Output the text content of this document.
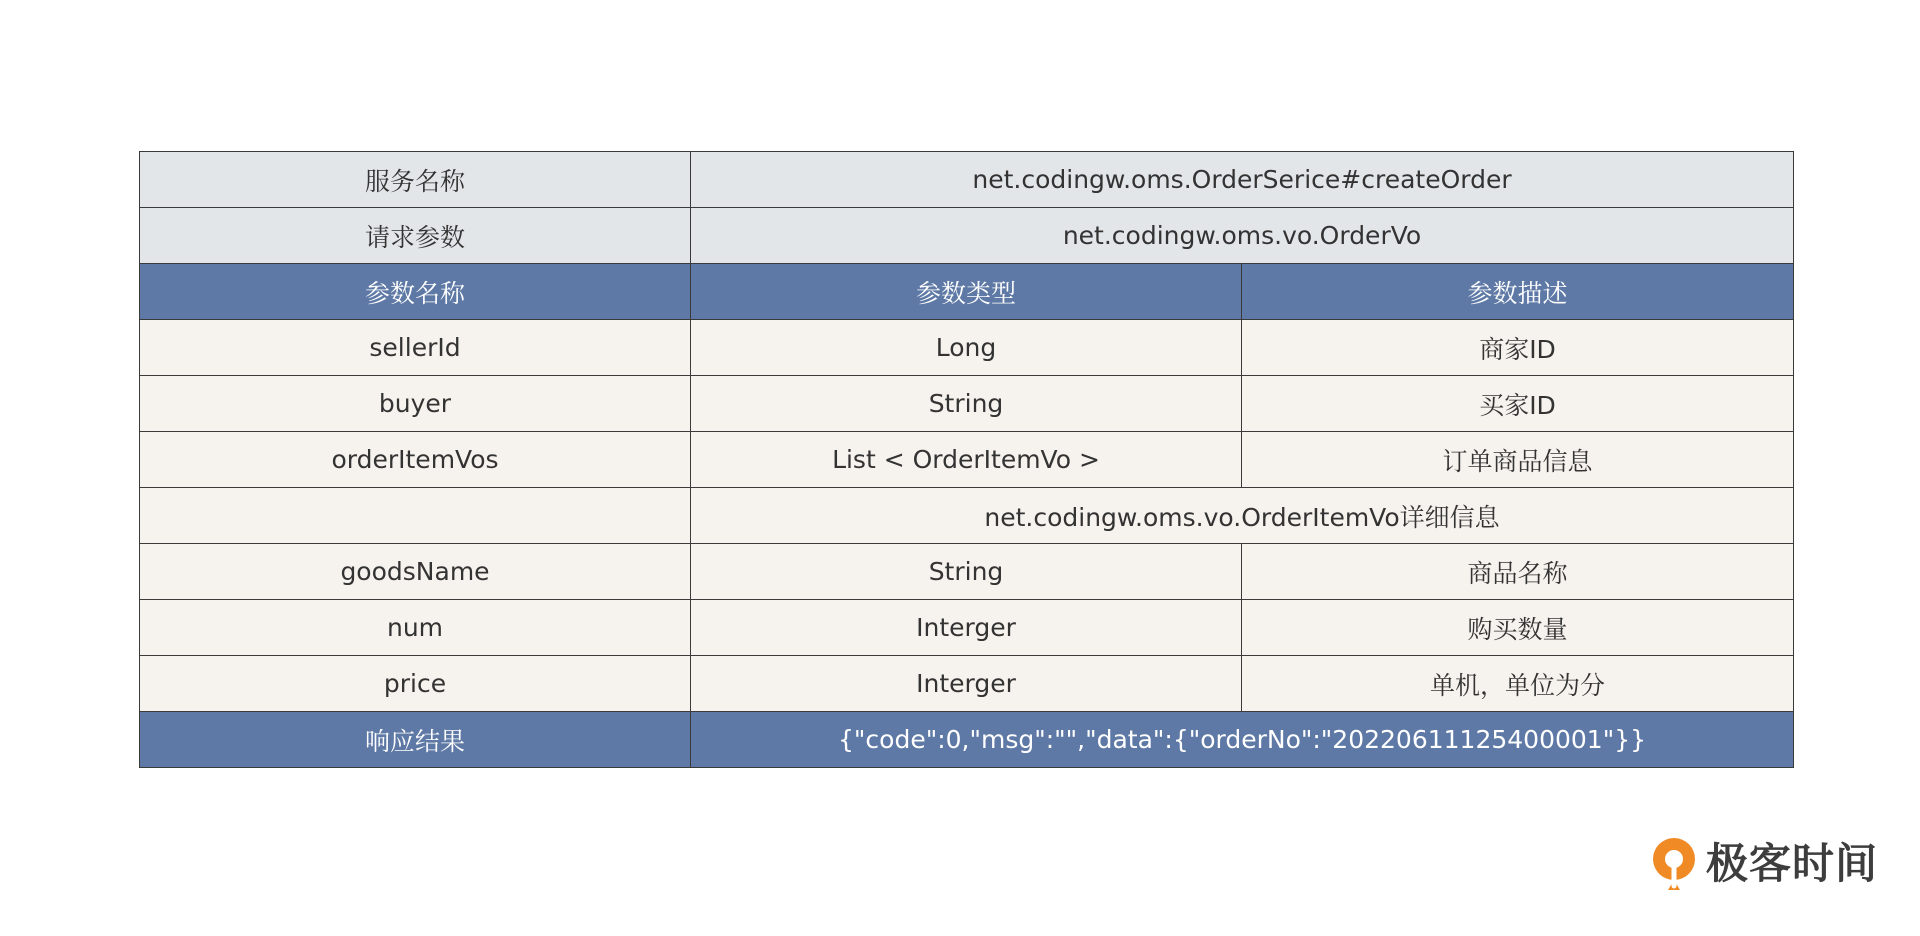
服务名称	net.codingw.oms.OrderSerice#createOrder	
请求参数	net.codingw.oms.vo.OrderVo	
参数名称	参数类型	参数描述
sellerId	Long	商家ID
buyer	String	买家ID
orderItemVos	List < OrderItemVo >	订单商品信息
	net.codingw.oms.vo.OrderItemVo详细信息	
goodsName	String	商品名称
num	Interger	购买数量
price	Interger	单机，单位为分
响应结果	{"code":0,"msg":"","data":{"orderNo":"20220611125400001"}}	
极客时间
